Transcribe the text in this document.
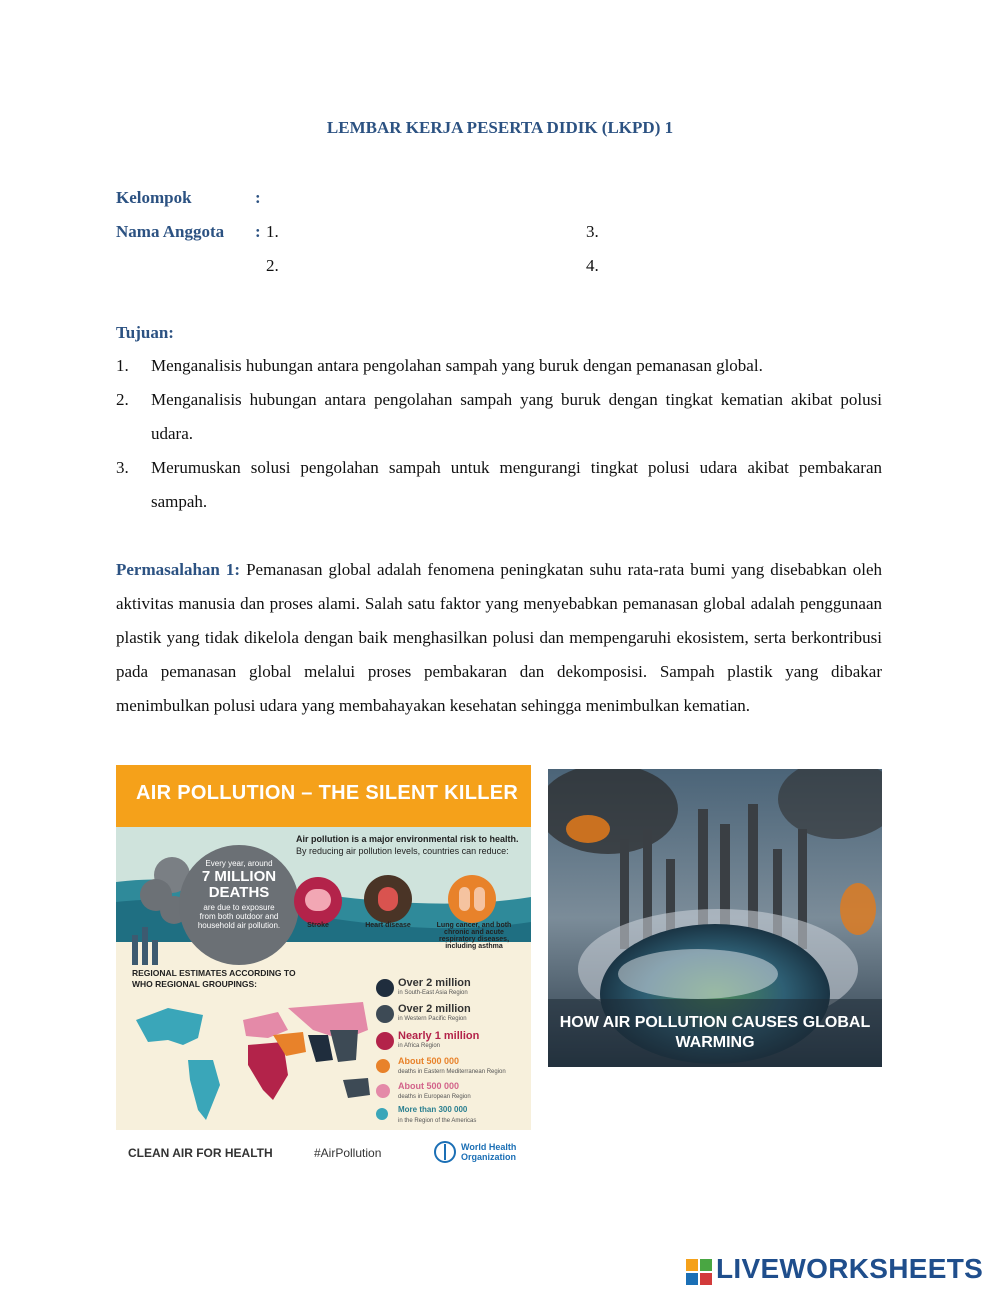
LEMBAR KERJA PESERTA DIDIK (LKPD) 1
Kelompok	:
Nama Anggota : 1.
2.
3.
4.
Tujuan:
1. Menganalisis hubungan antara pengolahan sampah yang buruk dengan pemanasan global.
2. Menganalisis hubungan antara pengolahan sampah yang buruk dengan tingkat kematian akibat polusi udara.
3. Merumuskan solusi pengolahan sampah untuk mengurangi tingkat polusi udara akibat pembakaran sampah.
Permasalahan 1: Pemanasan global adalah fenomena peningkatan suhu rata-rata bumi yang disebabkan oleh aktivitas manusia dan proses alami. Salah satu faktor yang menyebabkan pemanasan global adalah penggunaan plastik yang tidak dikelola dengan baik menghasilkan polusi dan mempengaruhi ekosistem, serta berkontribusi pada pemanasan global melalui proses pembakaran dan dekomposisi. Sampah plastik yang dibakar menimbulkan polusi udara yang membahayakan kesehatan sehingga menimbulkan kematian.
AIR POLLUTION – THE SILENT KILLER
Every year, around
7 MILLION DEATHS
are due to exposure from both outdoor and household air pollution.
Air pollution is a major environmental risk to health. By reducing air pollution levels, countries can reduce:
Stroke	Heart disease	Lung cancer, and both chronic and acute respiratory diseases, including asthma
REGIONAL ESTIMATES ACCORDING TO WHO REGIONAL GROUPINGS:	Over 2 million
in South-East Asia Region
Over 2 million
in Western Pacific Region
Nearly 1 million
in Africa Region
About 500 000
deaths in Eastern Mediterranean Region
About 500 000
deaths in European Region
More than 300 000
in the Region of the Americas
CLEAN AIR FOR HEALTH	#AirPollution	World Health Organization
HOW AIR POLLUTION CAUSES GLOBAL WARMING
LIVEWORKSHEETS
